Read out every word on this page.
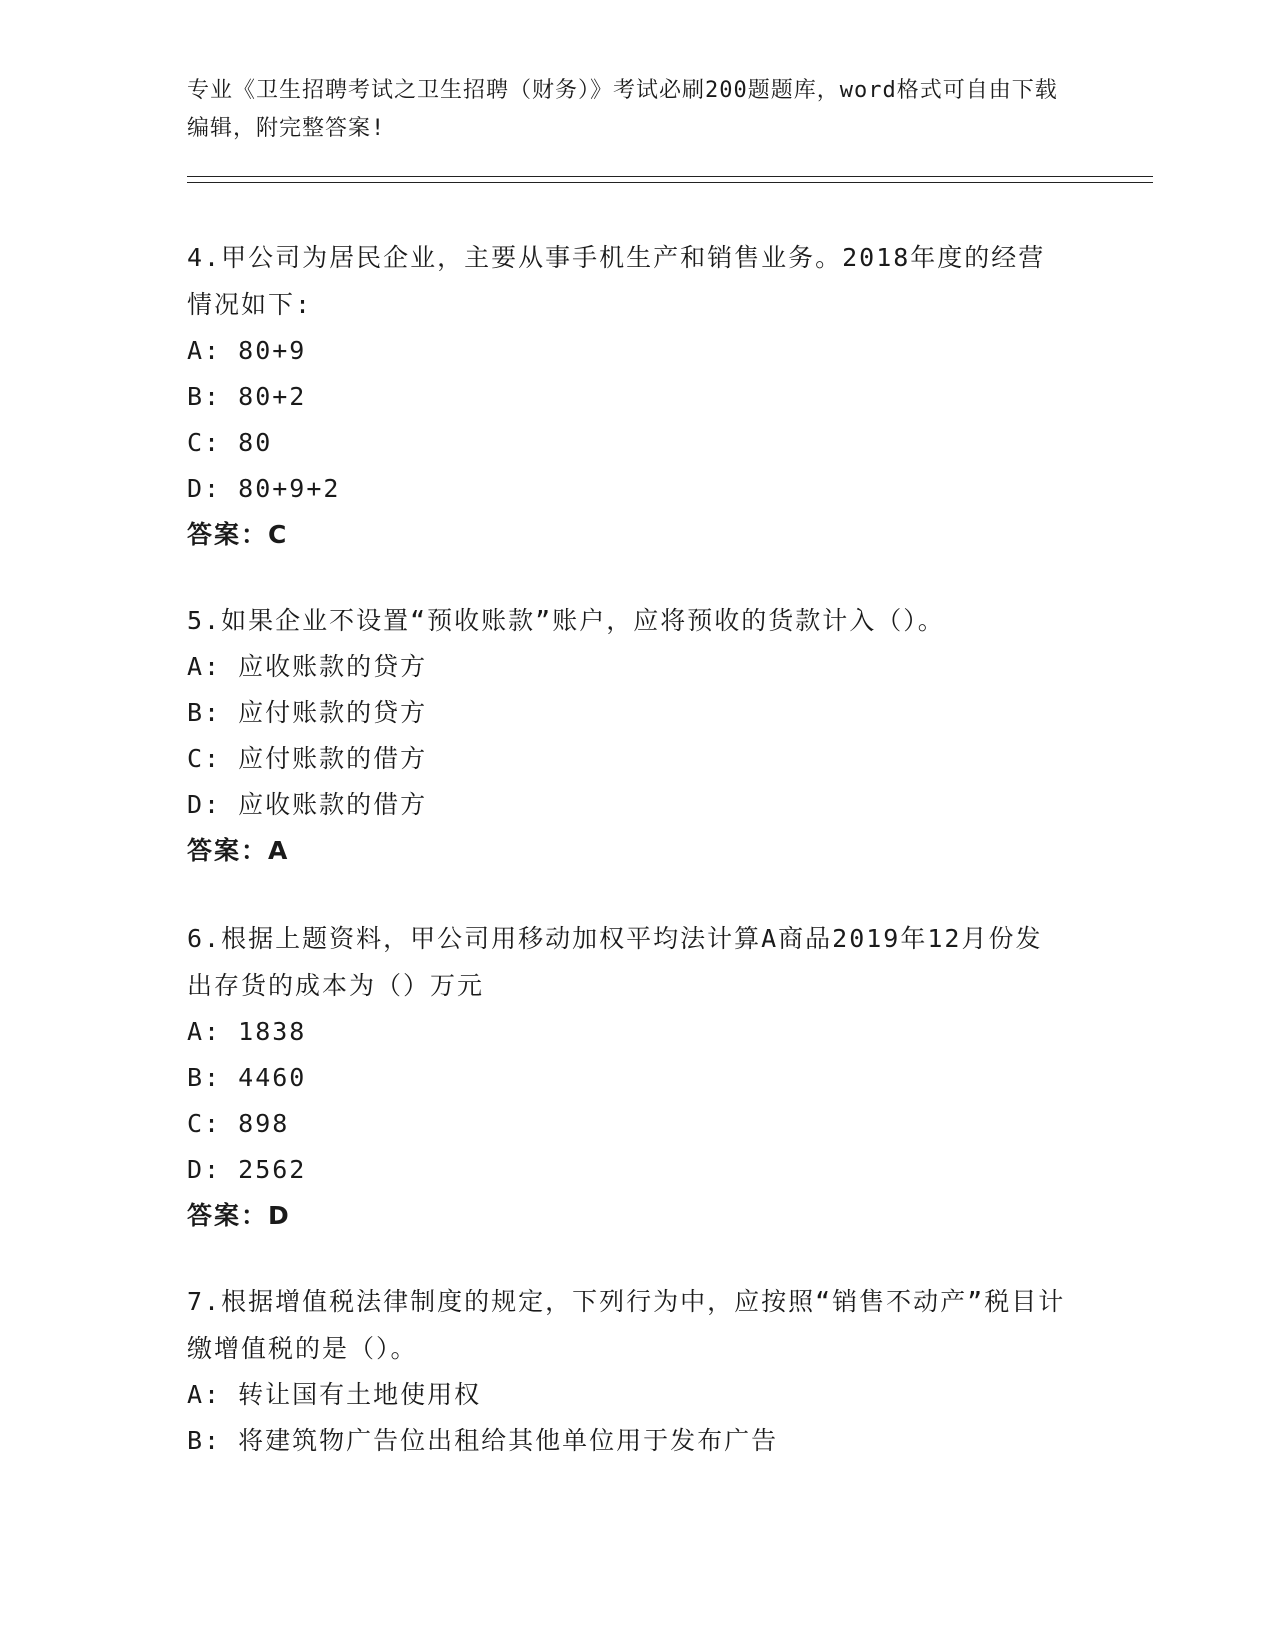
专业《卫生招聘考试之卫生招聘（财务）》考试必刷200题题库，word格式可自由下载编辑，附完整答案!
4.甲公司为居民企业，主要从事手机生产和销售业务。2018年度的经营情况如下:
A: 80+9
B: 80+2
C: 80
D: 80+9+2
答案：C
5.如果企业不设置“预收账款”账户，应将预收的货款计入（）。
A: 应收账款的贷方
B: 应付账款的贷方
C: 应付账款的借方
D: 应收账款的借方
答案：A
6.根据上题资料，甲公司用移动加权平均法计算A商品2019年12月份发出存货的成本为（）万元
A: 1838
B: 4460
C: 898
D: 2562
答案：D
7.根据增值税法律制度的规定，下列行为中，应按照“销售不动产”税目计缴增值税的是（）。
A: 转让国有土地使用权
B: 将建筑物广告位出租给其他单位用于发布广告
